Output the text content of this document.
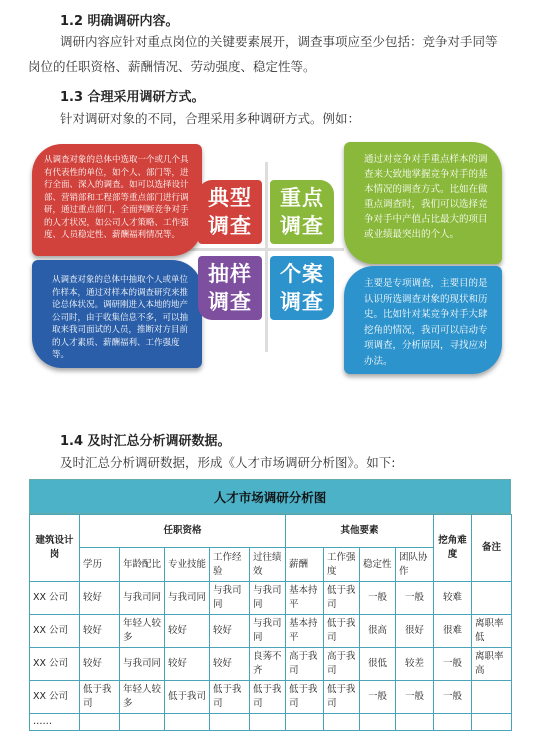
1.2 明确调研内容。
调研内容应针对重点岗位的关键要素展开，调查事项应至少包括：竞争对手同等
岗位的任职资格、薪酬情况、劳动强度、稳定性等。
1.3 合理采用调研方式。
针对调研对象的不同，合理采用多种调研方式。例如：
从调查对象的总体中选取一个或几个具有代表性的单位，如个人、部门等，进行全面、深入的调查。如可以选择设计部、营销部和工程部等重点部门进行调研，通过重点部门，全面判断竞争对手的人才状况，如公司人才策略、工作强度、人员稳定性、薪酬福利情况等。
通过对竞争对手重点样本的调查来大致地掌握竞争对手的基本情况的调查方式。比如在做重点调查时，我们可以选择竞争对手中产值占比最大的项目或业绩最突出的个人。
从调查对象的总体中抽取个人或单位作样本，通过对样本的调查研究来推论总体状况。调研刚进入本地的地产公司时，由于收集信息不多，可以抽取来我司面试的人员，推断对方目前的人才素质、薪酬福利、工作强度等。
主要是专项调查，主要目的是认识所选调查对象的现状和历史。比如针对某竞争对手大肆挖角的情况，我司可以启动专项调查，分析原因，寻找应对办法。
典型
调查
重点
调查
抽样
调查
个案
调查
1.4 及时汇总分析调研数据。
及时汇总分析调研数据，形成《人才市场调研分析图》。如下:
人才市场调研分析图
建筑设计岗	任职资格					其他要素				挖角难度	备注
	学历	年龄配比	专业技能	工作经验	过往绩效	薪酬	工作强度	稳定性	团队协作		
XX 公司	较好	与我司同	与我司同	与我司同	与我司同	基本持平	低于我司	一般	一般	较难	
XX 公司	较好	年轻人较多	较好	较好	与我司同	基本持平	低于我司	很高	很好	很难	离职率低
XX 公司	较好	与我司同	较好	较好	良莠不齐	高于我司	高于我司	很低	较差	一般	离职率高
XX 公司	低于我司	年轻人较多	低于我司	低于我司	低于我司	低于我司	低于我司	一般	一般	一般	
……											
